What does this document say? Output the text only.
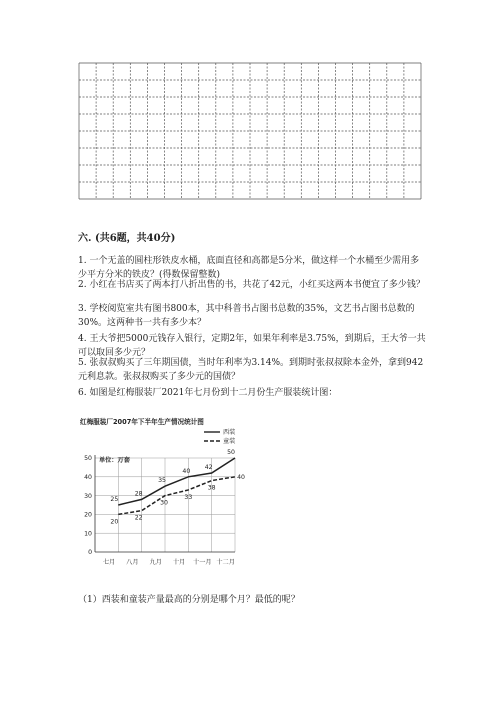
六. (共6题，共40分)
1. 一个无盖的圆柱形铁皮水桶，底面直径和高都是5分米，做这样一个水桶至少需用多少平方分米的铁皮？(得数保留整数)
2. 小红在书店买了两本打八折出售的书，共花了42元，小红买这两本书便宜了多少钱？
3. 学校阅览室共有图书800本，其中科普书占图书总数的35%，文艺书占图书总数的30%。这两种书一共有多少本？
4. 王大爷把5000元钱存入银行，定期2年，如果年利率是3.75%，到期后，王大爷一共可以取回多少元？
5. 张叔叔购买了三年期国债，当时年利率为3.14%。到期时张叔叔除本金外，拿到942元利息款。张叔叔购买了多少元的国债？
6. 如图是红梅服装厂2021年七月份到十二月份生产服装统计图：
红梅服装厂2007年下半年生产情况统计图
0
10
20
30
40
50
七月 八月 九月 十月 十一月 十二月
单位：万套
西装
童装
25
28
35
40
42
50
20
22
30
33
38
40
（1）西装和童装产量最高的分别是哪个月？最低的呢？
